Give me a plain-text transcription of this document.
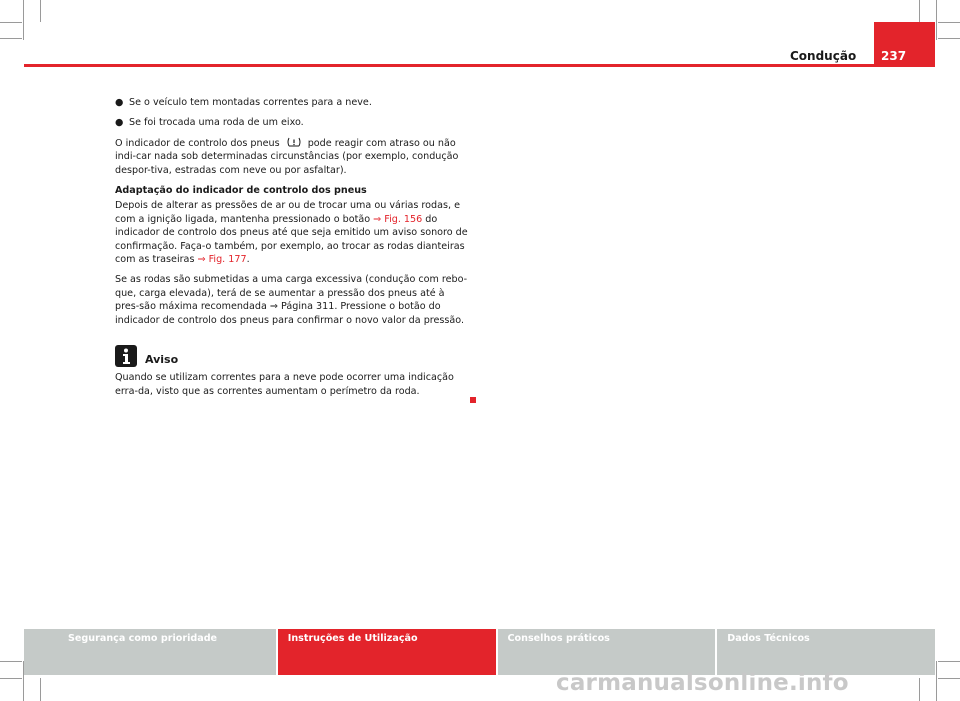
Condução 237

● Se o veículo tem montadas correntes para a neve.

● Se foi trocada uma roda de um eixo.

O indicador de controlo dos pneus	pode reagir com atraso ou não indi-car nada sob determinadas circunstâncias (por exemplo, condução despor-tiva, estradas com neve ou por asfaltar).

Adaptação do indicador de controlo dos pneus

Depois de alterar as pressões de ar ou de trocar uma ou várias rodas, e com a ignição ligada, mantenha pressionado o botão ⇒ Fig. 156 do indicador de controlo dos pneus até que seja emitido um aviso sonoro de confirmação. Faça-o também, por exemplo, ao trocar as rodas dianteiras com as traseiras ⇒ Fig. 177.

Se as rodas são submetidas a uma carga excessiva (condução com rebo-que, carga elevada), terá de se aumentar a pressão dos pneus até à pres-são máxima recomendada ⇒ Página 311. Pressione o botão do indicador de controlo dos pneus para confirmar o novo valor da pressão.

Aviso

Quando se utilizam correntes para a neve pode ocorrer uma indicação erra-da, visto que as correntes aumentam o perímetro da roda.

Segurança como prioridade	Instruções de Utilização	Conselhos práticos	Dados Técnicos
carmanualsonline.info
